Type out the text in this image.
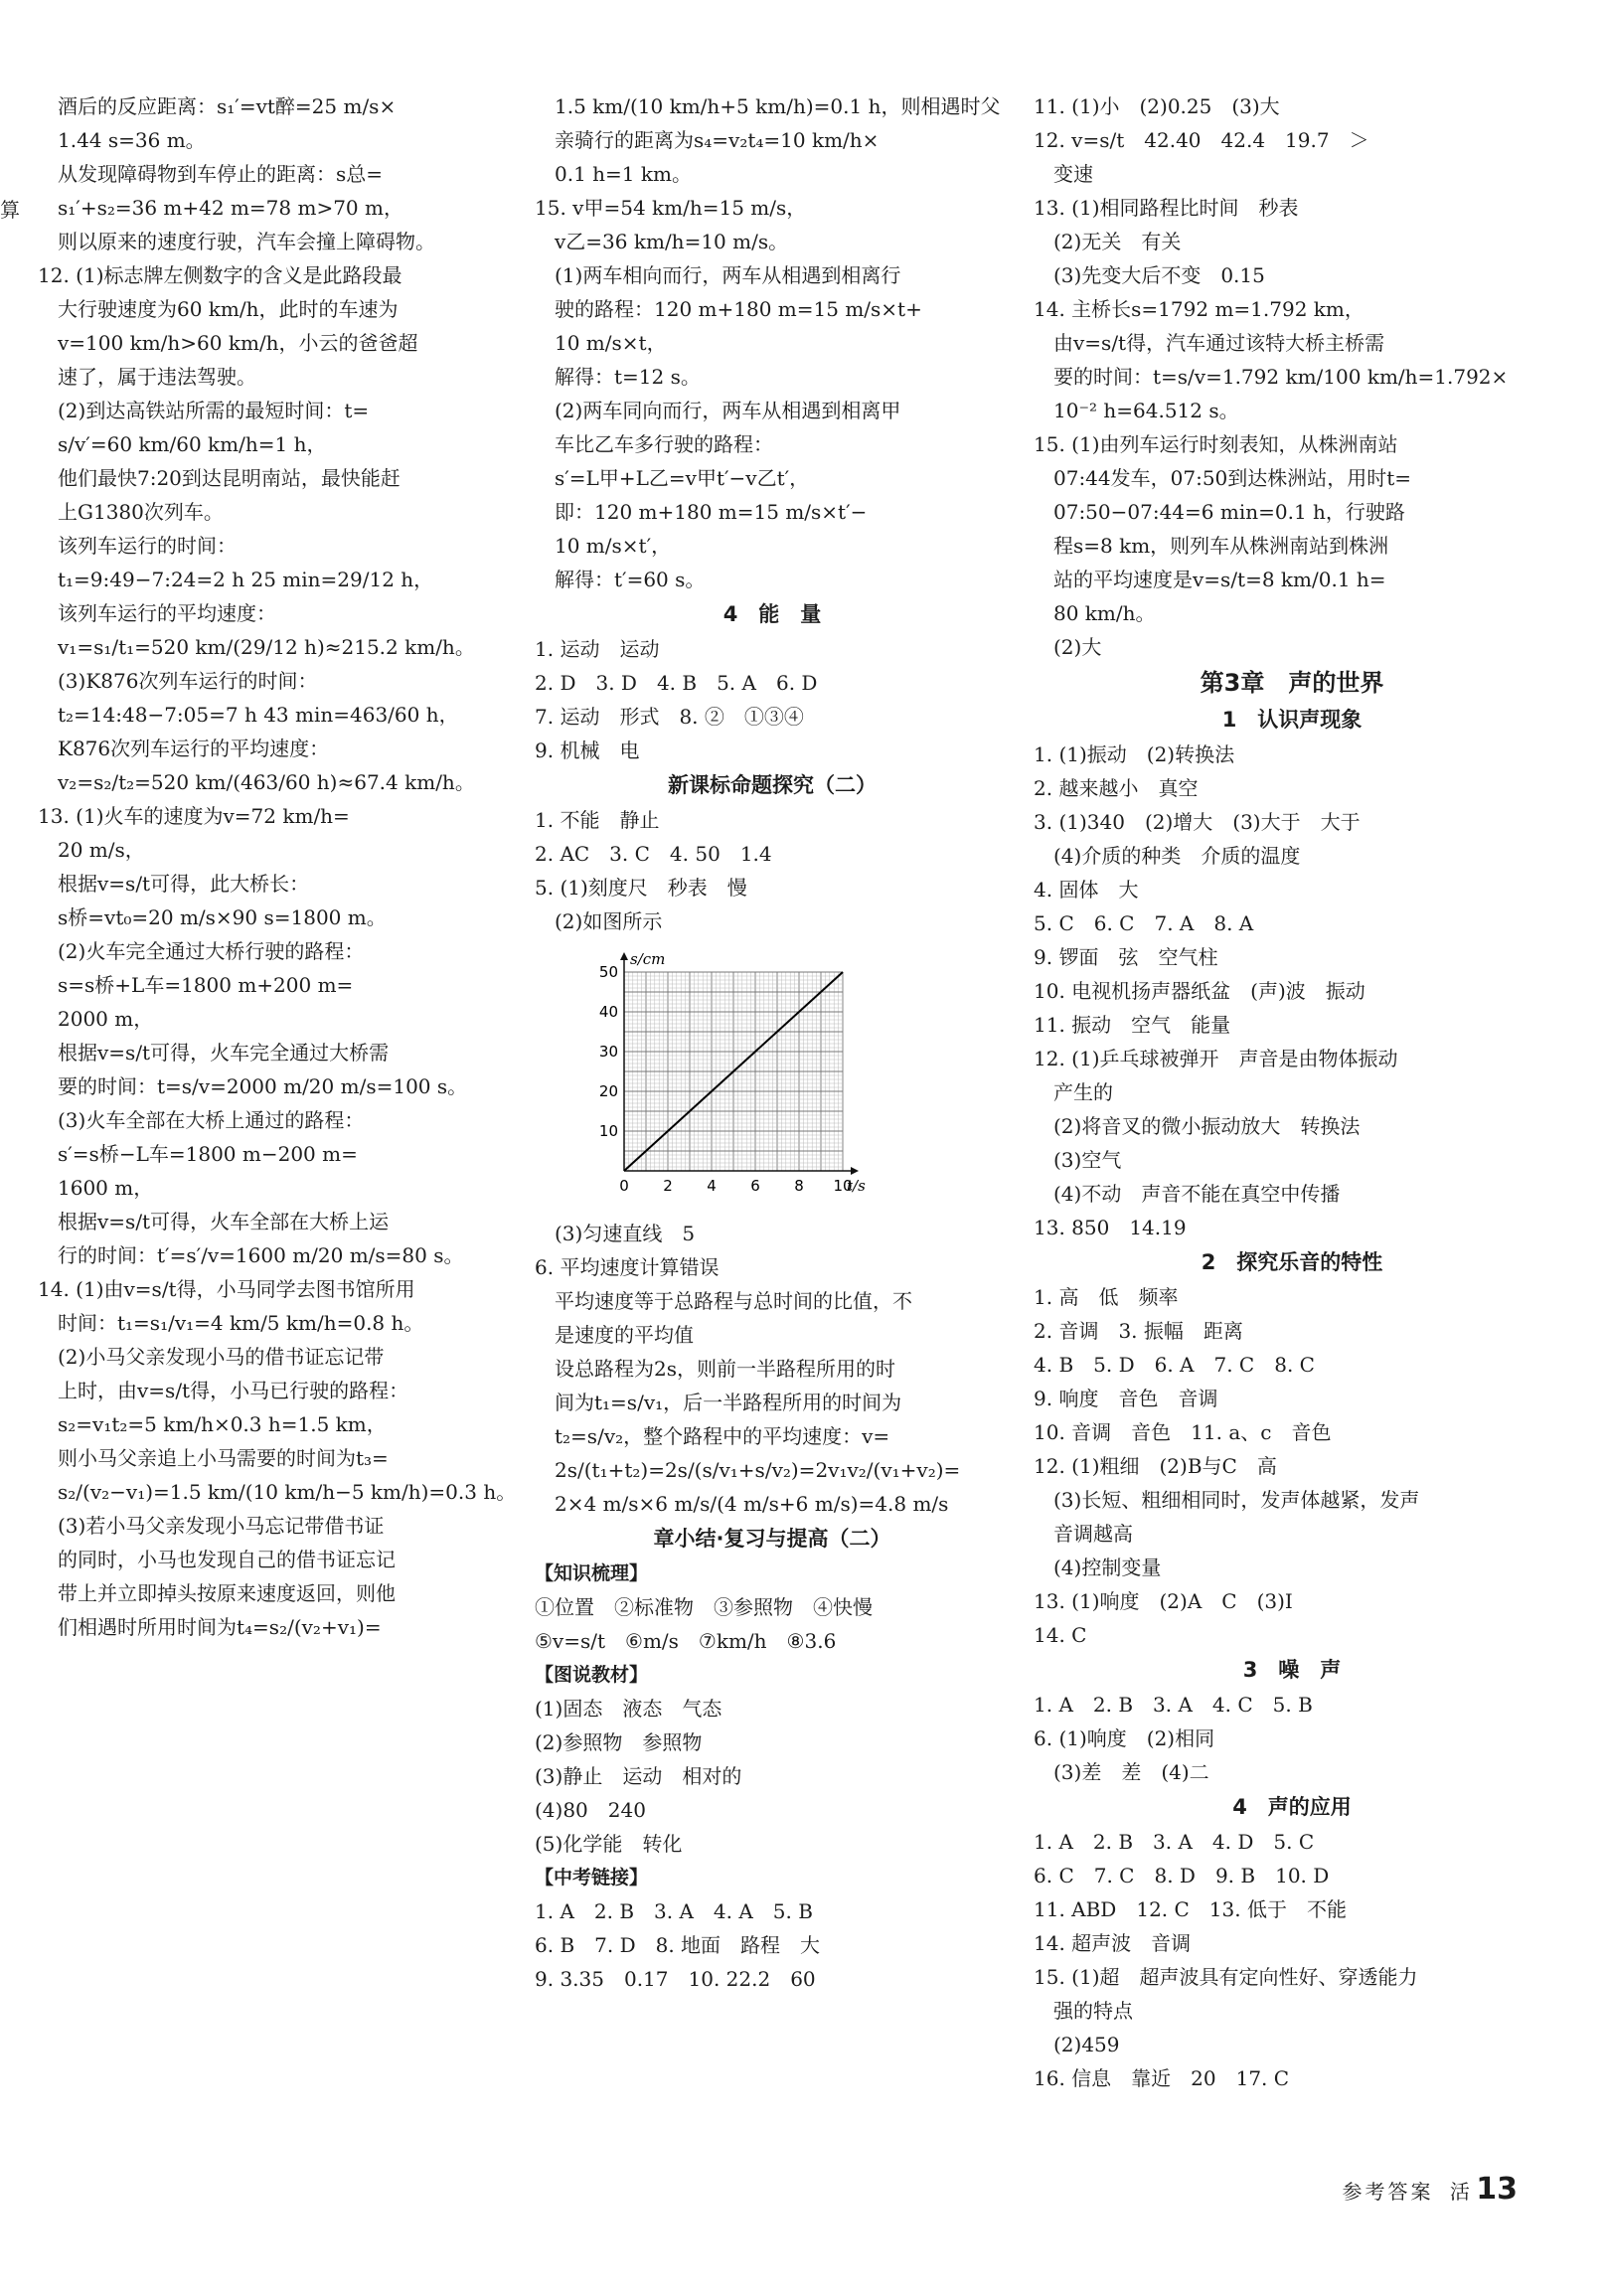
算
　酒后的反应距离：s₁′=vt醉=25 m/s×
　1.44 s=36 m。
　从发现障碍物到车停止的距离：s总=
　s₁′+s₂=36 m+42 m=78 m>70 m，
　则以原来的速度行驶，汽车会撞上障碍物。
12. (1)标志牌左侧数字的含义是此路段最
　大行驶速度为60 km/h，此时的车速为
　v=100 km/h>60 km/h，小云的爸爸超
　速了，属于违法驾驶。
　(2)到达高铁站所需的最短时间：t=
　s/v′=60 km/60 km/h=1 h，
　他们最快7:20到达昆明南站，最快能赶
　上G1380次列车。
　该列车运行的时间：
　t₁=9:49−7:24=2 h 25 min=29/12 h，
　该列车运行的平均速度：
　v₁=s₁/t₁=520 km/(29/12 h)≈215.2 km/h。
　(3)K876次列车运行的时间：
　t₂=14:48−7:05=7 h 43 min=463/60 h，
　K876次列车运行的平均速度：
　v₂=s₂/t₂=520 km/(463/60 h)≈67.4 km/h。
13. (1)火车的速度为v=72 km/h=
　20 m/s，
　根据v=s/t可得，此大桥长：
　s桥=vt₀=20 m/s×90 s=1800 m。
　(2)火车完全通过大桥行驶的路程：
　s=s桥+L车=1800 m+200 m=
　2000 m，
　根据v=s/t可得，火车完全通过大桥需
　要的时间：t=s/v=2000 m/20 m/s=100 s。
　(3)火车全部在大桥上通过的路程：
　s′=s桥−L车=1800 m−200 m=
　1600 m，
　根据v=s/t可得，火车全部在大桥上运
　行的时间：t′=s′/v=1600 m/20 m/s=80 s。
14. (1)由v=s/t得，小马同学去图书馆所用
　时间：t₁=s₁/v₁=4 km/5 km/h=0.8 h。
　(2)小马父亲发现小马的借书证忘记带
　上时，由v=s/t得，小马已行驶的路程：
　s₂=v₁t₂=5 km/h×0.3 h=1.5 km，
　则小马父亲追上小马需要的时间为t₃=
　s₂/(v₂−v₁)=1.5 km/(10 km/h−5 km/h)=0.3 h。
　(3)若小马父亲发现小马忘记带借书证
　的同时，小马也发现自己的借书证忘记
　带上并立即掉头按原来速度返回，则他
　们相遇时所用时间为t₄=s₂/(v₂+v₁)=
　1.5 km/(10 km/h+5 km/h)=0.1 h，则相遇时父
　亲骑行的距离为s₄=v₂t₄=10 km/h×
　0.1 h=1 km。
15. v甲=54 km/h=15 m/s，
　v乙=36 km/h=10 m/s。
　(1)两车相向而行，两车从相遇到相离行
　驶的路程：120 m+180 m=15 m/s×t+
　10 m/s×t，
　解得：t=12 s。
　(2)两车同向而行，两车从相遇到相离甲
　车比乙车多行驶的路程：
　s′=L甲+L乙=v甲t′−v乙t′，
　即：120 m+180 m=15 m/s×t′−
　10 m/s×t′，
　解得：t′=60 s。
4　能　量
1. 运动　运动
2. D　3. D　4. B　5. A　6. D
7. 运动　形式　8. ②　①③④
9. 机械　电
新课标命题探究（二）
1. 不能　静止
2. AC　3. C　4. 50　1.4
5. (1)刻度尺　秒表　慢
　(2)如图所示
0 2 4 6 8 10
10
20
30
40
50
t/s
s/cm
　(3)匀速直线　5
6. 平均速度计算错误
　平均速度等于总路程与总时间的比值，不
　是速度的平均值
　设总路程为2s，则前一半路程所用的时
　间为t₁=s/v₁，后一半路程所用的时间为
　t₂=s/v₂，整个路程中的平均速度：v=
　2s/(t₁+t₂)=2s/(s/v₁+s/v₂)=2v₁v₂/(v₁+v₂)=
　2×4 m/s×6 m/s/(4 m/s+6 m/s)=4.8 m/s
章小结·复习与提高（二）
【知识梳理】
①位置　②标准物　③参照物　④快慢
⑤v=s/t　⑥m/s　⑦km/h　⑧3.6
【图说教材】
(1)固态　液态　气态
(2)参照物　参照物
(3)静止　运动　相对的
(4)80　240
(5)化学能　转化
【中考链接】
1. A　2. B　3. A　4. A　5. B
6. B　7. D　8. 地面　路程　大
9. 3.35　0.17　10. 22.2　60
11. (1)小　(2)0.25　(3)大
12. v=s/t　42.40　42.4　19.7　＞
　变速
13. (1)相同路程比时间　秒表
　(2)无关　有关
　(3)先变大后不变　0.15
14. 主桥长s=1792 m=1.792 km，
　由v=s/t得，汽车通过该特大桥主桥需
　要的时间：t=s/v=1.792 km/100 km/h=1.792×
　10⁻² h=64.512 s。
15. (1)由列车运行时刻表知，从株洲南站
　07:44发车，07:50到达株洲站，用时t=
　07:50−07:44=6 min=0.1 h，行驶路
　程s=8 km，则列车从株洲南站到株洲
　站的平均速度是v=s/t=8 km/0.1 h=
　80 km/h。
　(2)大
第3章　声的世界
1　认识声现象
1. (1)振动　(2)转换法
2. 越来越小　真空
3. (1)340　(2)增大　(3)大于　大于
　(4)介质的种类　介质的温度
4. 固体　大
5. C　6. C　7. A　8. A
9. 锣面　弦　空气柱
10. 电视机扬声器纸盆　(声)波　振动
11. 振动　空气　能量
12. (1)乒乓球被弹开　声音是由物体振动
　产生的
　(2)将音叉的微小振动放大　转换法
　(3)空气
　(4)不动　声音不能在真空中传播
13. 850　14.19
2　探究乐音的特性
1. 高　低　频率
2. 音调　3. 振幅　距离
4. B　5. D　6. A　7. C　8. C
9. 响度　音色　音调
10. 音调　音色　11. a、c　音色
12. (1)粗细　(2)B与C　高
　(3)长短、粗细相同时，发声体越紧，发声
　音调越高
　(4)控制变量
13. (1)响度　(2)A　C　(3)I
14. C
3　噪　声
1. A　2. B　3. A　4. C　5. B
6. (1)响度　(2)相同
　(3)差　差　(4)二
4　声的应用
1. A　2. B　3. A　4. D　5. C
6. C　7. C　8. D　9. B　10. D
11. ABD　12. C　13. 低于　不能
14. 超声波　音调
15. (1)超　超声波具有定向性好、穿透能力
　强的特点
　(2)459
16. 信息　靠近　20　17. C
参考答案 活 13
